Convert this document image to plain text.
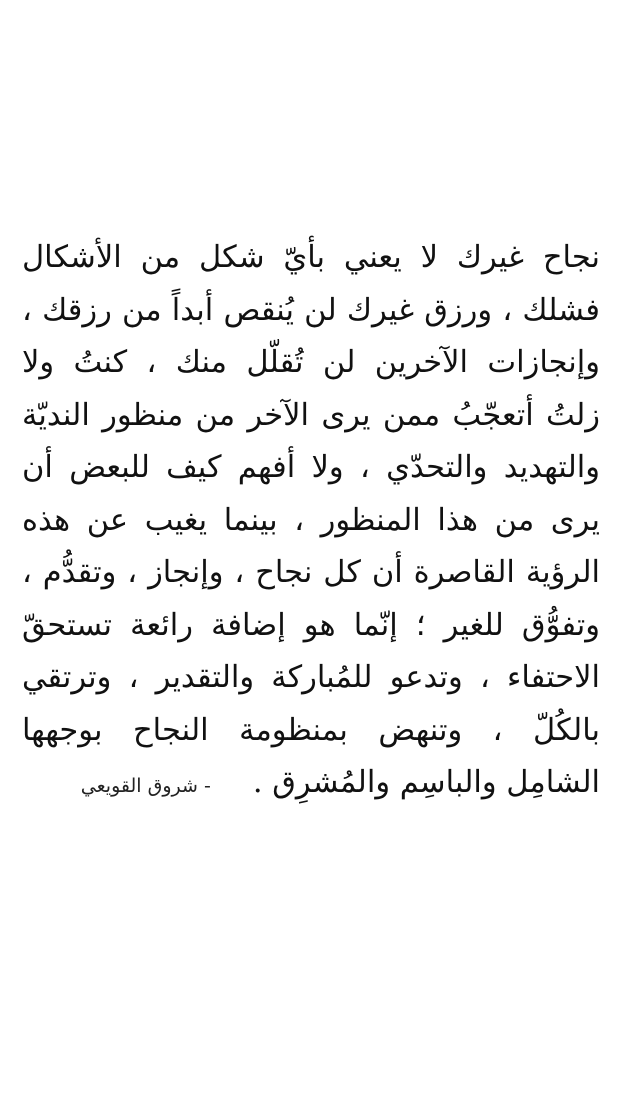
نجاح غيرك لا يعني بأيّ شكل من الأشكال
فشلك ، ورزق غيرك لن يُنقص أبداً من رزقك ،
وإنجازات الآخرين لن تُقلّل منك ، كنتُ ولا
زلتُ أتعجّبُ ممن يرى الآخر من منظور النديّة
والتهديد والتحدّي ، ولا أفهم كيف للبعض أن
يرى من هذا المنظور ، بينما يغيب عن هذه
الرؤية القاصرة أن كل نجاح ، وإنجاز ، وتقدُّم ،
وتفوُّق للغير ؛ إنّما هو إضافة رائعة تستحقّ
الاحتفاء ، وتدعو للمُباركة والتقدير ، وترتقي
بالكُلّ ، وتنهض بمنظومة النجاح بوجهها
الشامِل والباسِم والمُشرِق .
- شروق القويعي
